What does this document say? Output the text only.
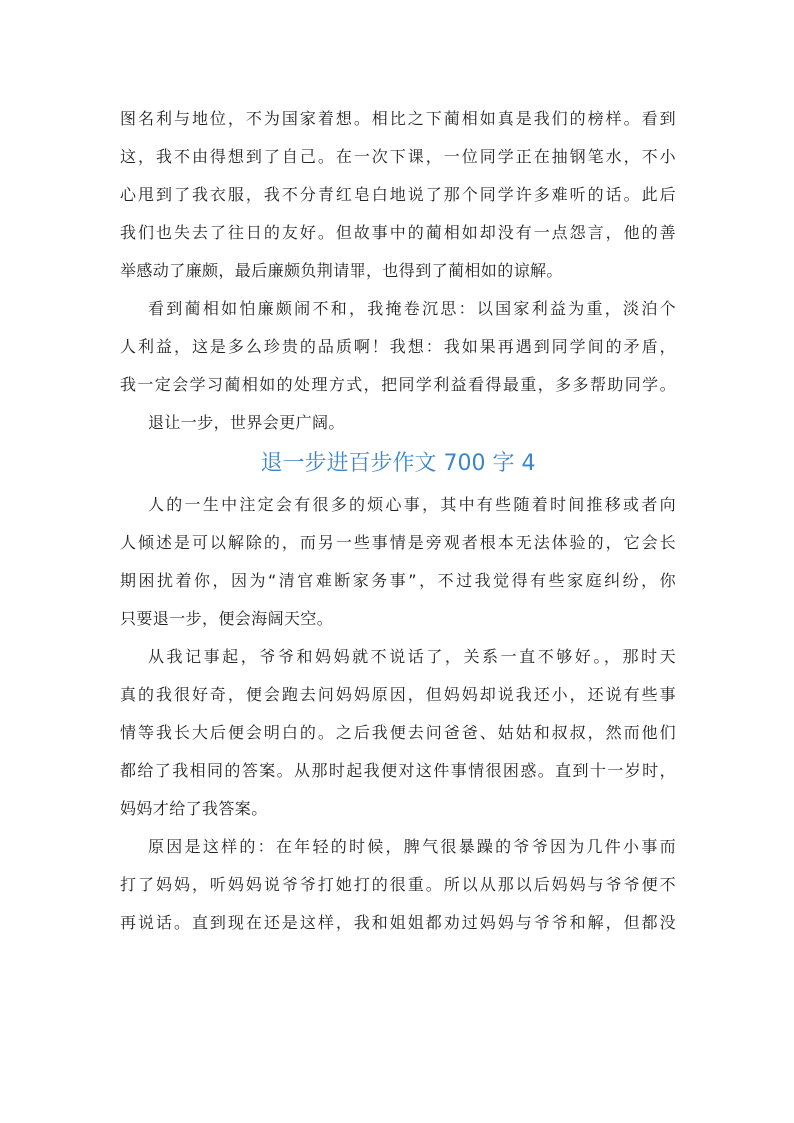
图名利与地位，不为国家着想。相比之下蔺相如真是我们的榜样。看到
这，我不由得想到了自己。在一次下课，一位同学正在抽钢笔水，不小
心甩到了我衣服，我不分青红皂白地说了那个同学许多难听的话。此后
我们也失去了往日的友好。但故事中的蔺相如却没有一点怨言，他的善
举感动了廉颇，最后廉颇负荆请罪，也得到了蔺相如的谅解。
看到蔺相如怕廉颇闹不和，我掩卷沉思：以国家利益为重，淡泊个
人利益，这是多么珍贵的品质啊！我想：我如果再遇到同学间的矛盾，
我一定会学习蔺相如的处理方式，把同学利益看得最重，多多帮助同学。
退让一步，世界会更广阔。
退一步进百步作文 700 字 4
人的一生中注定会有很多的烦心事，其中有些随着时间推移或者向
人倾述是可以解除的，而另一些事情是旁观者根本无法体验的，它会长
期困扰着你，因为“清官难断家务事”，不过我觉得有些家庭纠纷，你
只要退一步，便会海阔天空。
从我记事起，爷爷和妈妈就不说话了，关系一直不够好。，那时天
真的我很好奇，便会跑去问妈妈原因，但妈妈却说我还小，还说有些事
情等我长大后便会明白的。之后我便去问爸爸、姑姑和叔叔，然而他们
都给了我相同的答案。从那时起我便对这件事情很困惑。直到十一岁时，
妈妈才给了我答案。
原因是这样的：在年轻的时候，脾气很暴躁的爷爷因为几件小事而
打了妈妈，听妈妈说爷爷打她打的很重。所以从那以后妈妈与爷爷便不
再说话。直到现在还是这样，我和姐姐都劝过妈妈与爷爷和解，但都没
